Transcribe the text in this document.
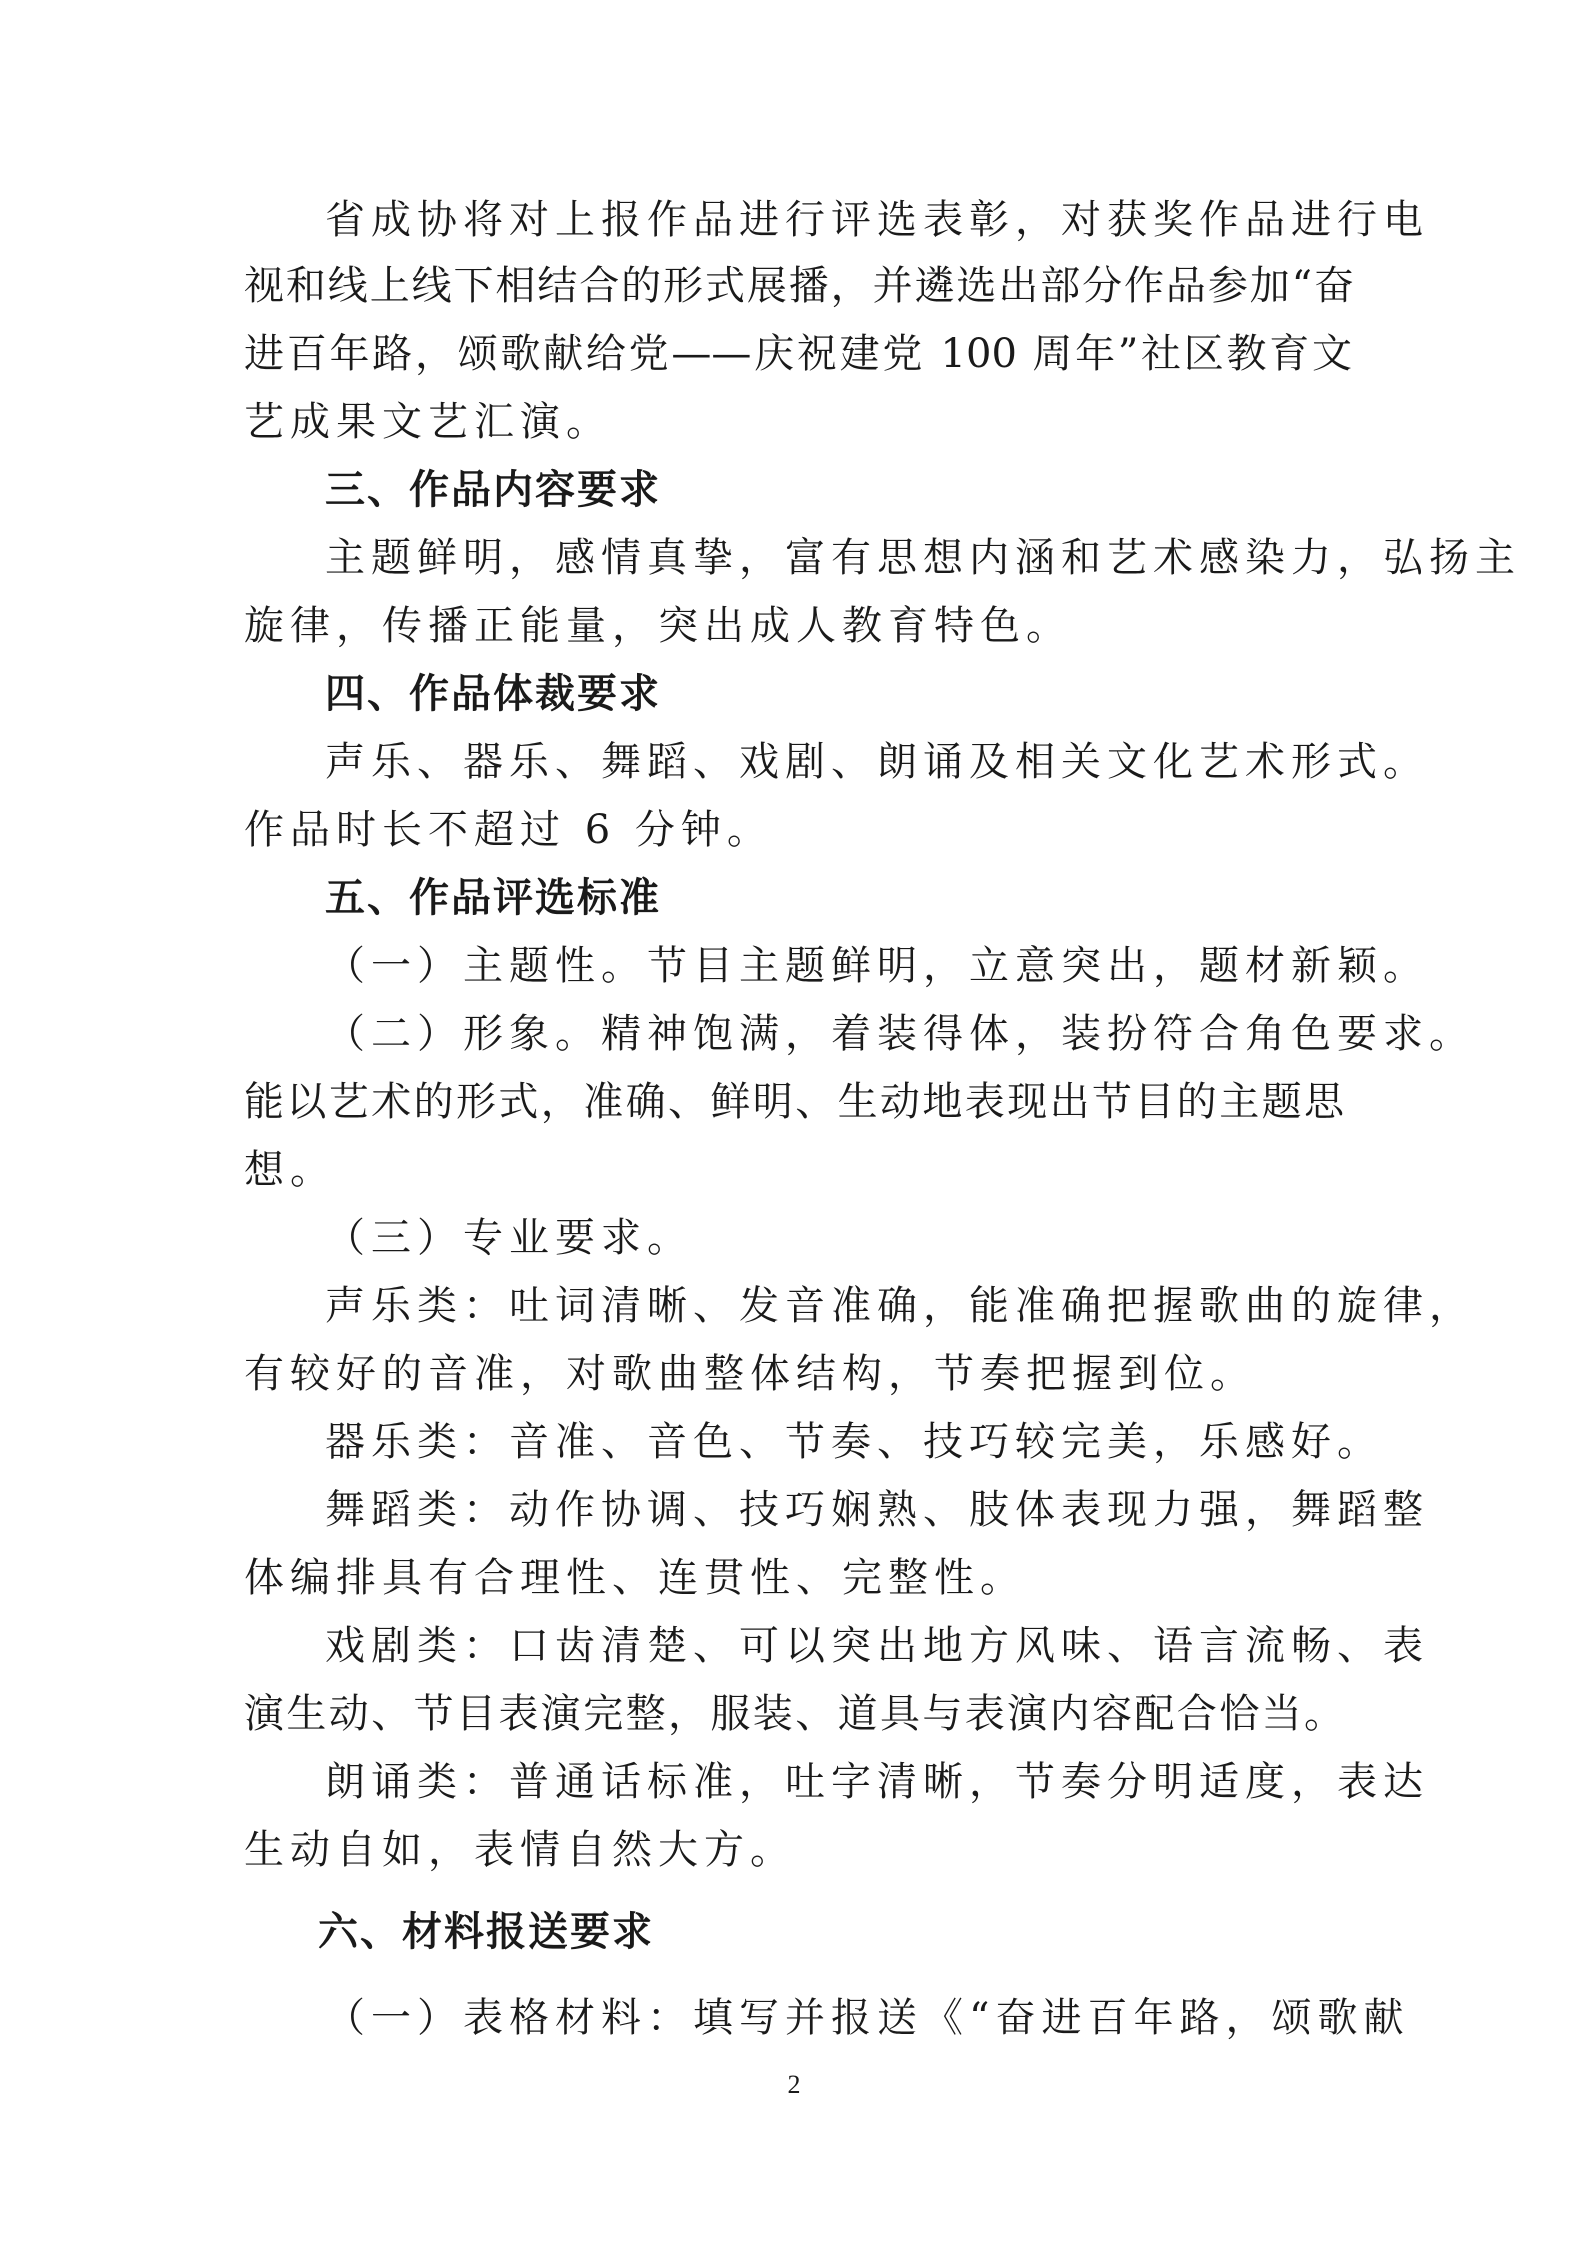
省成协将对上报作品进行评选表彰，对获奖作品进行电
视和线上线下相结合的形式展播，并遴选出部分作品参加“奋
进百年路，颂歌献给党——庆祝建党 100 周年”社区教育文
艺成果文艺汇演。
三、作品内容要求
主题鲜明，感情真挚，富有思想内涵和艺术感染力，弘扬主
旋律，传播正能量，突出成人教育特色。
四、作品体裁要求
声乐、器乐、舞蹈、戏剧、朗诵及相关文化艺术形式。
作品时长不超过 6 分钟。
五、作品评选标准
（一）主题性。节目主题鲜明，立意突出，题材新颖。
（二）形象。精神饱满，着装得体，装扮符合角色要求。
能以艺术的形式，准确、鲜明、生动地表现出节目的主题思
想。
（三）专业要求。
声乐类：吐词清晰、发音准确，能准确把握歌曲的旋律，
有较好的音准，对歌曲整体结构，节奏把握到位。
器乐类：音准、音色、节奏、技巧较完美，乐感好。
舞蹈类：动作协调、技巧娴熟、肢体表现力强，舞蹈整
体编排具有合理性、连贯性、完整性。
戏剧类：口齿清楚、可以突出地方风味、语言流畅、表
演生动、节目表演完整，服装、道具与表演内容配合恰当。
朗诵类：普通话标准，吐字清晰，节奏分明适度，表达
生动自如，表情自然大方。
六、材料报送要求
（一）表格材料：填写并报送《“奋进百年路，颂歌献
2
